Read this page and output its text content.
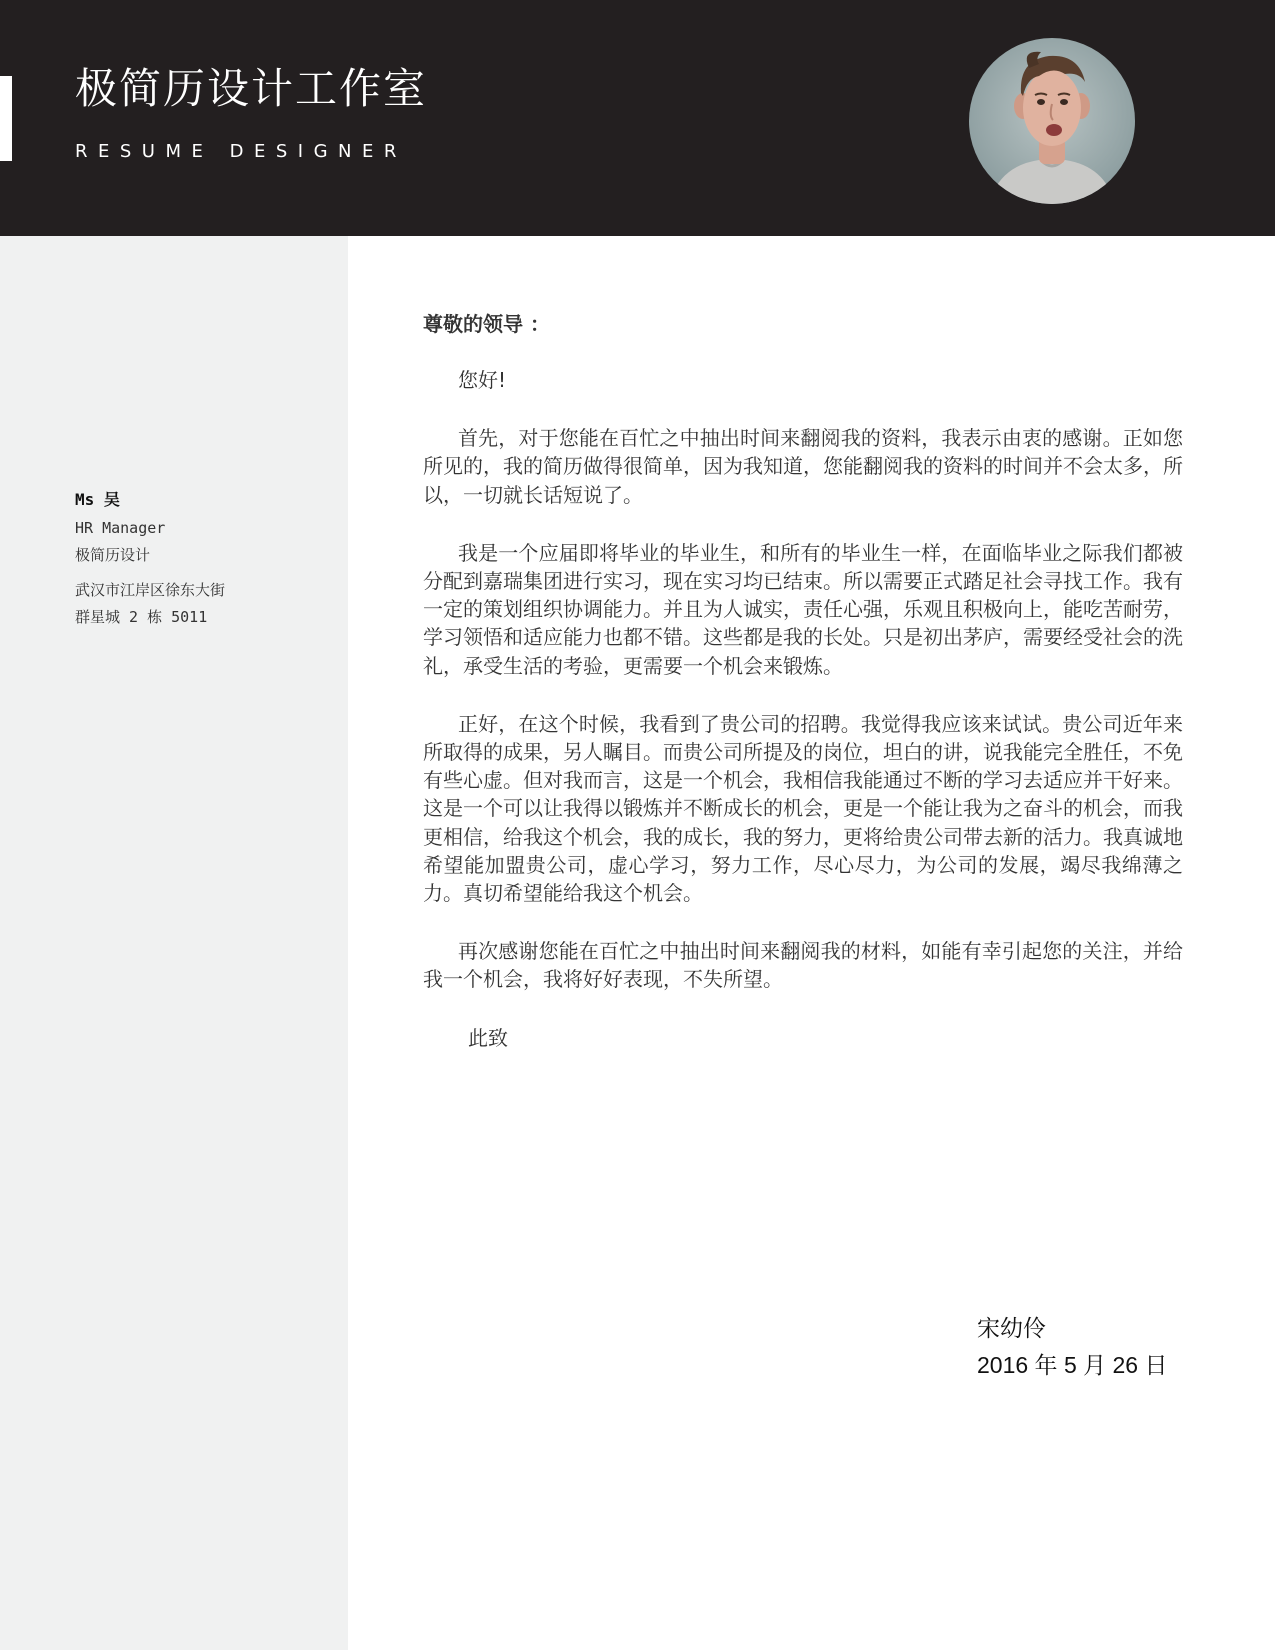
极简历设计工作室
RESUME DESIGNER
Ms 吴
HR Manager
极简历设计
武汉市江岸区徐东大街
群星城 2 栋 5011
尊敬的领导 ：

您好!

首先，对于您能在百忙之中抽出时间来翻阅我的资料，我表示由衷的感谢。正如您所见的，我的简历做得很简单，因为我知道，您能翻阅我的资料的时间并不会太多，所以，一切就长话短说了。

我是一个应届即将毕业的毕业生，和所有的毕业生一样，在面临毕业之际我们都被分配到嘉瑞集团进行实习，现在实习均已结束。所以需要正式踏足社会寻找工作。我有一定的策划组织协调能力。并且为人诚实，责任心强，乐观且积极向上，能吃苦耐劳，学习领悟和适应能力也都不错。这些都是我的长处。只是初出茅庐，需要经受社会的洗礼，承受生活的考验，更需要一个机会来锻炼。

正好，在这个时候，我看到了贵公司的招聘。我觉得我应该来试试。贵公司近年来所取得的成果，另人瞩目。而贵公司所提及的岗位，坦白的讲，说我能完全胜任，不免有些心虚。但对我而言，这是一个机会，我相信我能通过不断的学习去适应并干好来。这是一个可以让我得以锻炼并不断成长的机会，更是一个能让我为之奋斗的机会，而我更相信，给我这个机会，我的成长，我的努力，更将给贵公司带去新的活力。我真诚地希望能加盟贵公司，虚心学习，努力工作，尽心尽力，为公司的发展，竭尽我绵薄之力。真切希望能给我这个机会。

再次感谢您能在百忙之中抽出时间来翻阅我的材料，如能有幸引起您的关注，并给我一个机会，我将好好表现，不失所望。

此致
宋幼伶
2016 年 5 月 26 日
